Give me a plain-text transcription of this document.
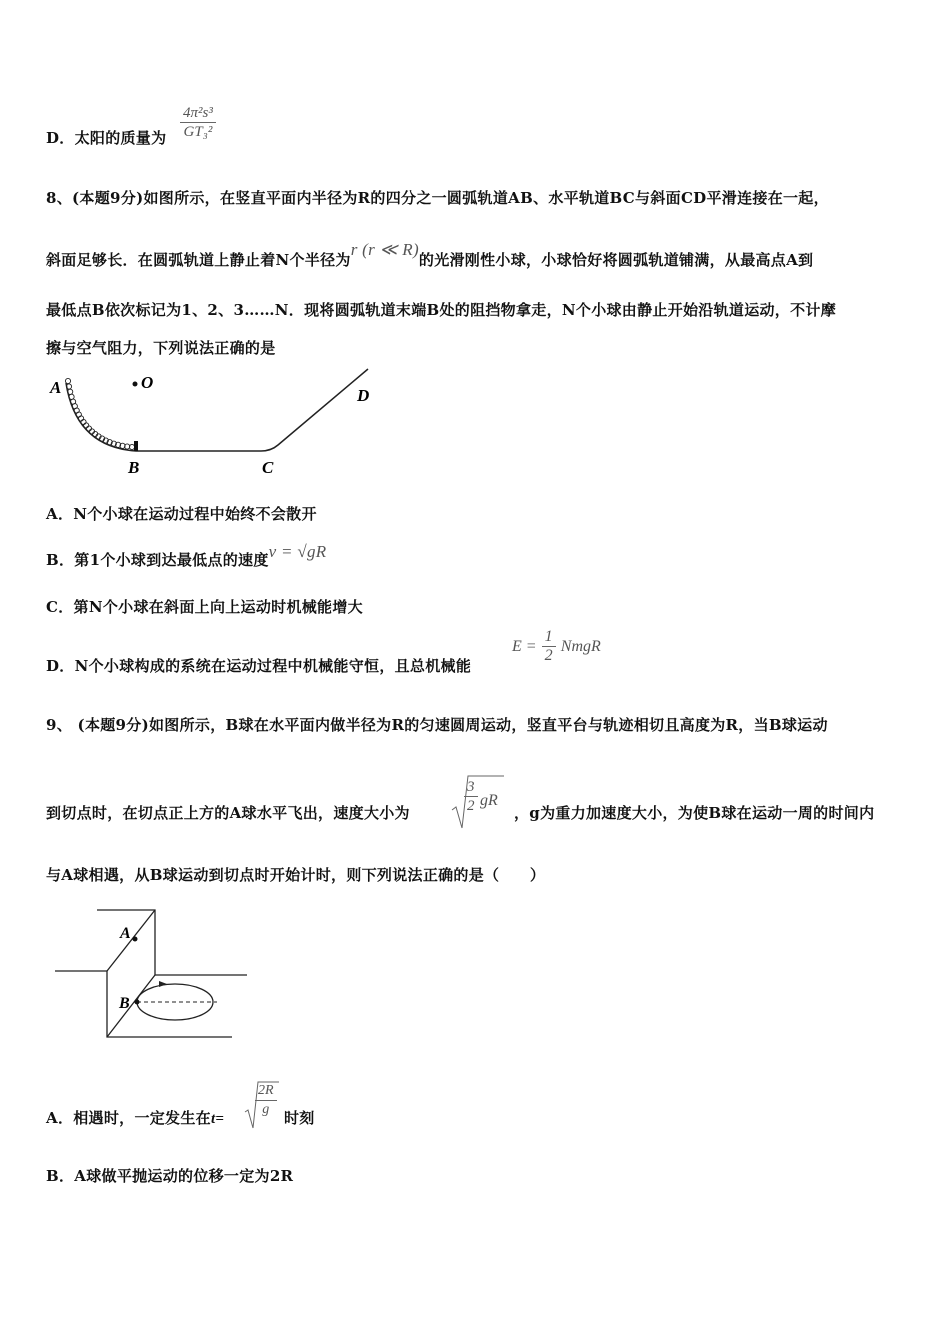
D．太阳的质量为 $\frac{\text{4π²s³}}{\text{GT₃²}}$
8、(本题9分)如图所示，在竖直平面内半径为R的四分之一圆弧轨道AB、水平轨道BC与斜面CD平滑连接在一起，
斜面足够长．在圆弧轨道上静止着N个半径为r (r ≪ R)的光滑刚性小球，小球恰好将圆弧轨道铺满，从最高点A到
最低点B依次标记为1、2、3……N．现将圆弧轨道末端B处的阻挡物拿走，N个小球由静止开始沿轨道运动，不计摩
擦与空气阻力，下列说法正确的是
A	O
B	C
D
A．N个小球在运动过程中始终不会散开
B．第1个小球到达最低点的速度v = √gR
C．第N个小球在斜面上向上运动时机械能增大
D．N个小球构成的系统在运动过程中机械能守恒，且总机械能
$E = \frac{1}{2}$ NmgR
9、 (本题9分)如图所示，B球在水平面内做半径为R的匀速圆周运动，竖直平台与轨迹相切且高度为R，当B球运动
到切点时，在切点正上方的A球水平飞出，速度大小为	$\frac{3}{2}$ gR
，g为重力加速度大小，为使B球在运动一周的时间内
与A球相遇，从B球运动到切点时开始计时，则下列说法正确的是（　　）
A
B
A．相遇时，一定发生在$t= \frac{2R}{g}$ 时刻
B．A球做平抛运动的位移一定为2R
